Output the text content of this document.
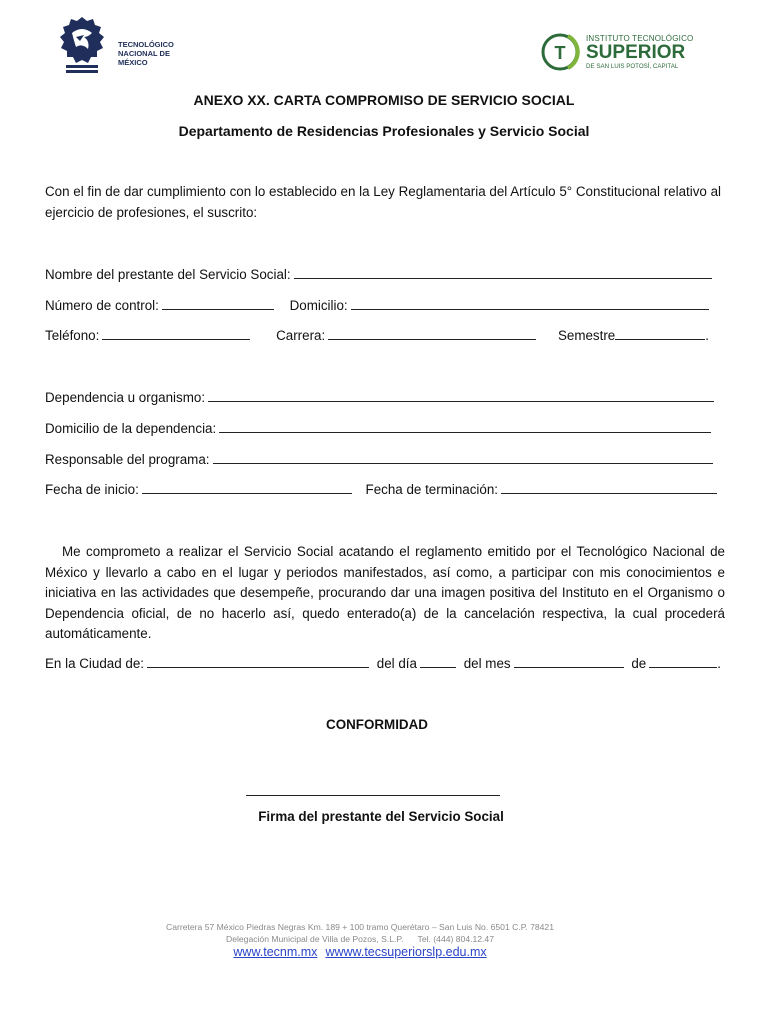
TECNOLÓGICO
NACIONAL DE MÉXICO	T
INSTITUTO TECNOLÓGICO
SUPERIOR
DE SAN LUIS POTOSÍ, CAPITAL
ANEXO XX. CARTA COMPROMISO DE SERVICIO SOCIAL
Departamento de Residencias Profesionales y Servicio Social
Con el fin de dar cumplimiento con lo establecido en la Ley Reglamentaria del Artículo 5° Constitucional relativo al ejercicio de profesiones, el suscrito:
Nombre del prestante del Servicio Social:
Número de control:	Domicilio:
Teléfono:	Carrera:	Semestre	.
Dependencia u organismo:
Domicilio de la dependencia:
Responsable del programa:
Fecha de inicio:	Fecha de terminación:
Me comprometo a realizar el Servicio Social acatando el reglamento emitido por el Tecnológico Nacional de México y llevarlo a cabo en el lugar y periodos manifestados, así como, a participar con mis conocimientos e iniciativa en las actividades que desempeñe, procurando dar una imagen positiva del Instituto en el Organismo o Dependencia oficial, de no hacerlo así, quedo enterado(a) de la cancelación respectiva, la cual procederá automáticamente.
En la Ciudad de:	del día	del mes	de	.
CONFORMIDAD
Firma del prestante del Servicio Social
Carretera 57 México Piedras Negras Km. 189 + 100 tramo Querétaro – San Luis No. 6501 C.P. 78421
Delegación Municipal de Villa de Pozos, S.L.P.      Tel. (444) 804.12.47
www.tecnm.mx wwww.tecsuperiorslp.edu.mx
